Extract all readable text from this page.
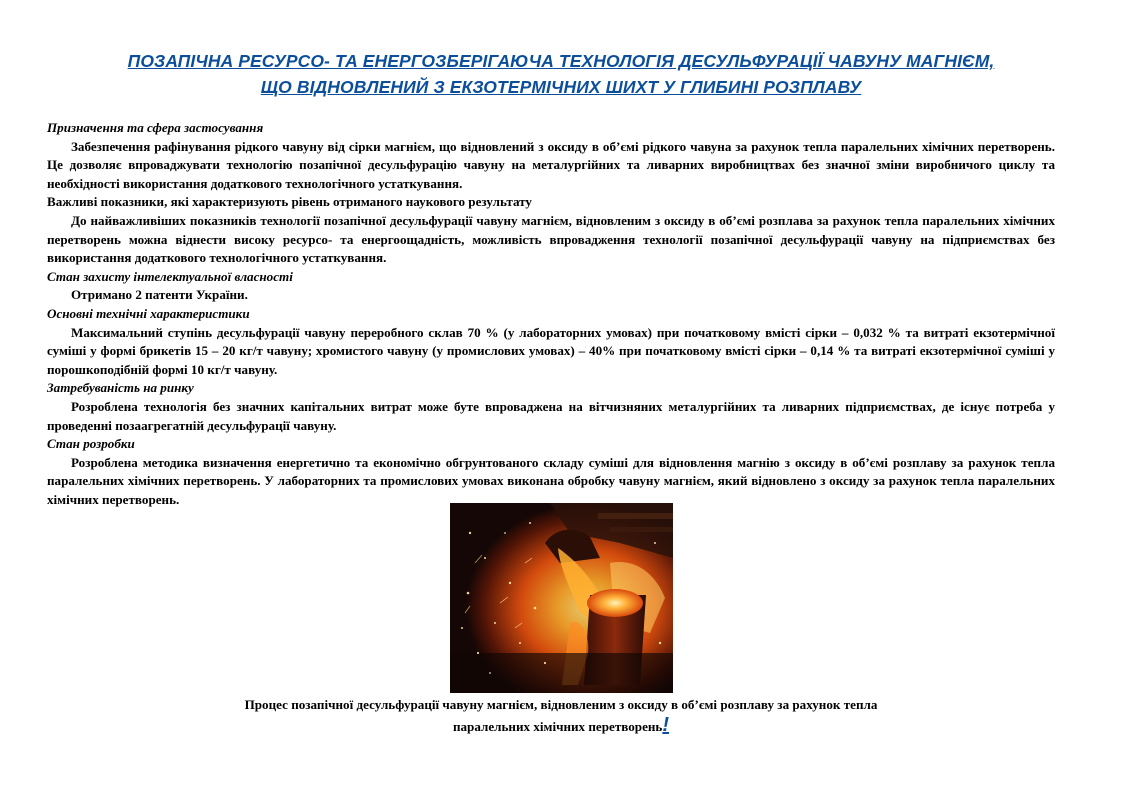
ПОЗАПІЧНА РЕСУРСО- ТА ЕНЕРГОЗБЕРІГАЮЧА ТЕХНОЛОГІЯ ДЕСУЛЬФУРАЦІЇ ЧАВУНУ МАГНІЄМ,
ЩО ВІДНОВЛЕНИЙ З ЕКЗОТЕРМІЧНИХ ШИХТ У ГЛИБИНІ РОЗПЛАВУ
Призначення та сфера застосування

Забезпечення рафінування рідкого чавуну від сірки магнієм, що відновлений з оксиду в об’ємі рідкого чавуна за рахунок тепла паралельних хімічних перетворень. Це дозволяє впроваджувати технологію позапічної десульфурацію чавуну на металургійних та ливарних виробництвах без значної зміни виробничого циклу та необхідності використання додаткового технологічного устаткування.

Важливі показники, які характеризують рівень отриманого наукового результату

До найважливіших показників технології позапічної десульфурації чавуну магнієм, відновленим з оксиду в об’ємі розплава за рахунок тепла паралельних хімічних перетворень можна віднести високу ресурсо- та енергоощадність, можливість впровадження технології позапічної десульфурації чавуну на підприємствах без використання додаткового технологічного устаткування.

Стан захисту інтелектуальної власності

Отримано 2 патенти України.

Основні технічні характеристики

Максимальний ступінь десульфурації чавуну переробного склав 70 % (у лабораторних умовах) при початковому вмісті сірки – 0,032 % та витраті екзотермічної суміші у формі брикетів 15 – 20 кг/т чавуну; хромистого чавуну (у промислових умовах) – 40% при початковому вмісті сірки – 0,14 % та витраті екзотермічної суміші у порошкоподібній формі 10 кг/т чавуну.

Затребуваність на ринку

Розроблена технологія без значних капітальних витрат може буте впроваджена на вітчизняних металургійних та ливарних підприємствах, де існує потреба у проведенні позаагрегатній десульфурації чавуну.

Стан розробки

Розроблена методика визначення енергетично та економічно обгрунтованого складу суміші для відновлення магнію з оксиду в об’ємі розплаву за рахунок тепла паралельних хімічних перетворень. У лабораторних та промислових умовах виконана обробку чавуну магнієм, який відновлено з оксиду за рахунок тепла паралельних хімічних перетворень.

Процес позапічної десульфурації чавуну магнієм, відновленим з оксиду в об’ємі розплаву за рахунок тепла
паралельних хімічних перетворень!
